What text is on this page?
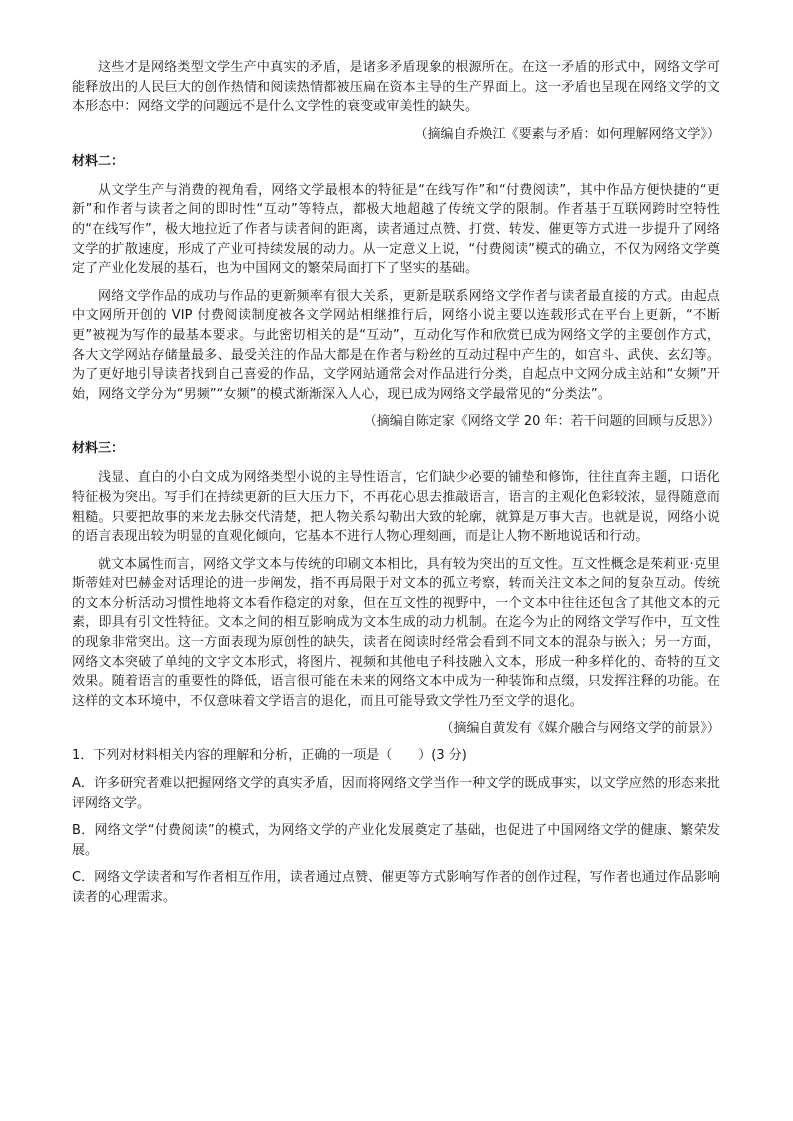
这些才是网络类型文学生产中真实的矛盾，是诸多矛盾现象的根源所在。在这一矛盾的形式中，网络文学可能释放出的人民巨大的创作热情和阅读热情都被压扁在资本主导的生产界面上。这一矛盾也呈现在网络文学的文本形态中：网络文学的问题远不是什么文学性的衰变或审美性的缺失。

（摘编自乔焕江《要素与矛盾：如何理解网络文学》）
材料二：

从文学生产与消费的视角看，网络文学最根本的特征是“在线写作”和“付费阅读”，其中作品方便快捷的“更新”和作者与读者之间的即时性“互动”等特点，都极大地超越了传统文学的限制。作者基于互联网跨时空特性的“在线写作”，极大地拉近了作者与读者间的距离，读者通过点赞、打赏、转发、催更等方式进一步提升了网络文学的扩散速度，形成了产业可持续发展的动力。从一定意义上说，“付费阅读”模式的确立，不仅为网络文学奠定了产业化发展的基石，也为中国网文的繁荣局面打下了坚实的基础。

网络文学作品的成功与作品的更新频率有很大关系，更新是联系网络文学作者与读者最直接的方式。由起点中文网所开创的 VIP 付费阅读制度被各文学网站相继推行后，网络小说主要以连载形式在平台上更新，“不断更”被视为写作的最基本要求。与此密切相关的是“互动”，互动化写作和欣赏已成为网络文学的主要创作方式，各大文学网站存储量最多、最受关注的作品大都是在作者与粉丝的互动过程中产生的，如宫斗、武侠、玄幻等。为了更好地引导读者找到自己喜爱的作品，文学网站通常会对作品进行分类，自起点中文网分成主站和“女频”开始，网络文学分为“男频”“女频”的模式渐渐深入人心，现已成为网络文学最常见的“分类法”。

（摘编自陈定家《网络文学 20 年：若干问题的回顾与反思》）
材料三：

浅显、直白的小白文成为网络类型小说的主导性语言，它们缺少必要的铺垫和修饰，往往直奔主题，口语化特征极为突出。写手们在持续更新的巨大压力下，不再花心思去推敲语言，语言的主观化色彩较浓，显得随意而粗糙。只要把故事的来龙去脉交代清楚，把人物关系勾勒出大致的轮廓，就算是万事大吉。也就是说，网络小说的语言表现出较为明显的直观化倾向，它基本不进行人物心理刻画，而是让人物不断地说话和行动。

就文本属性而言，网络文学文本与传统的印刷文本相比，具有较为突出的互文性。互文性概念是茱莉亚·克里斯蒂娃对巴赫金对话理论的进一步阐发，指不再局限于对文本的孤立考察，转而关注文本之间的复杂互动。传统的文本分析活动习惯性地将文本看作稳定的对象，但在互文性的视野中，一个文本中往往还包含了其他文本的元素，即具有引文性特征。文本之间的相互影响成为文本生成的动力机制。在迄今为止的网络文学写作中，互文性的现象非常突出。这一方面表现为原创性的缺失，读者在阅读时经常会看到不同文本的混杂与嵌入；另一方面，网络文本突破了单纯的文字文本形式，将图片、视频和其他电子科技融入文本，形成一种多样化的、奇特的互文效果。随着语言的重要性的降低，语言很可能在未来的网络文本中成为一种装饰和点缀，只发挥注释的功能。在这样的文本环境中，不仅意味着文学语言的退化，而且可能导致文学性乃至文学的退化。

（摘编自黄发有《媒介融合与网络文学的前景》）
1．下列对材料相关内容的理解和分析，正确的一项是（　　）(3 分)
A．许多研究者难以把握网络文学的真实矛盾，因而将网络文学当作一种文学的既成事实，以文学应然的形态来批评网络文学。
B．网络文学“付费阅读”的模式，为网络文学的产业化发展奠定了基础，也促进了中国网络文学的健康、繁荣发展。
C．网络文学读者和写作者相互作用，读者通过点赞、催更等方式影响写作者的创作过程，写作者也通过作品影响读者的心理需求。
